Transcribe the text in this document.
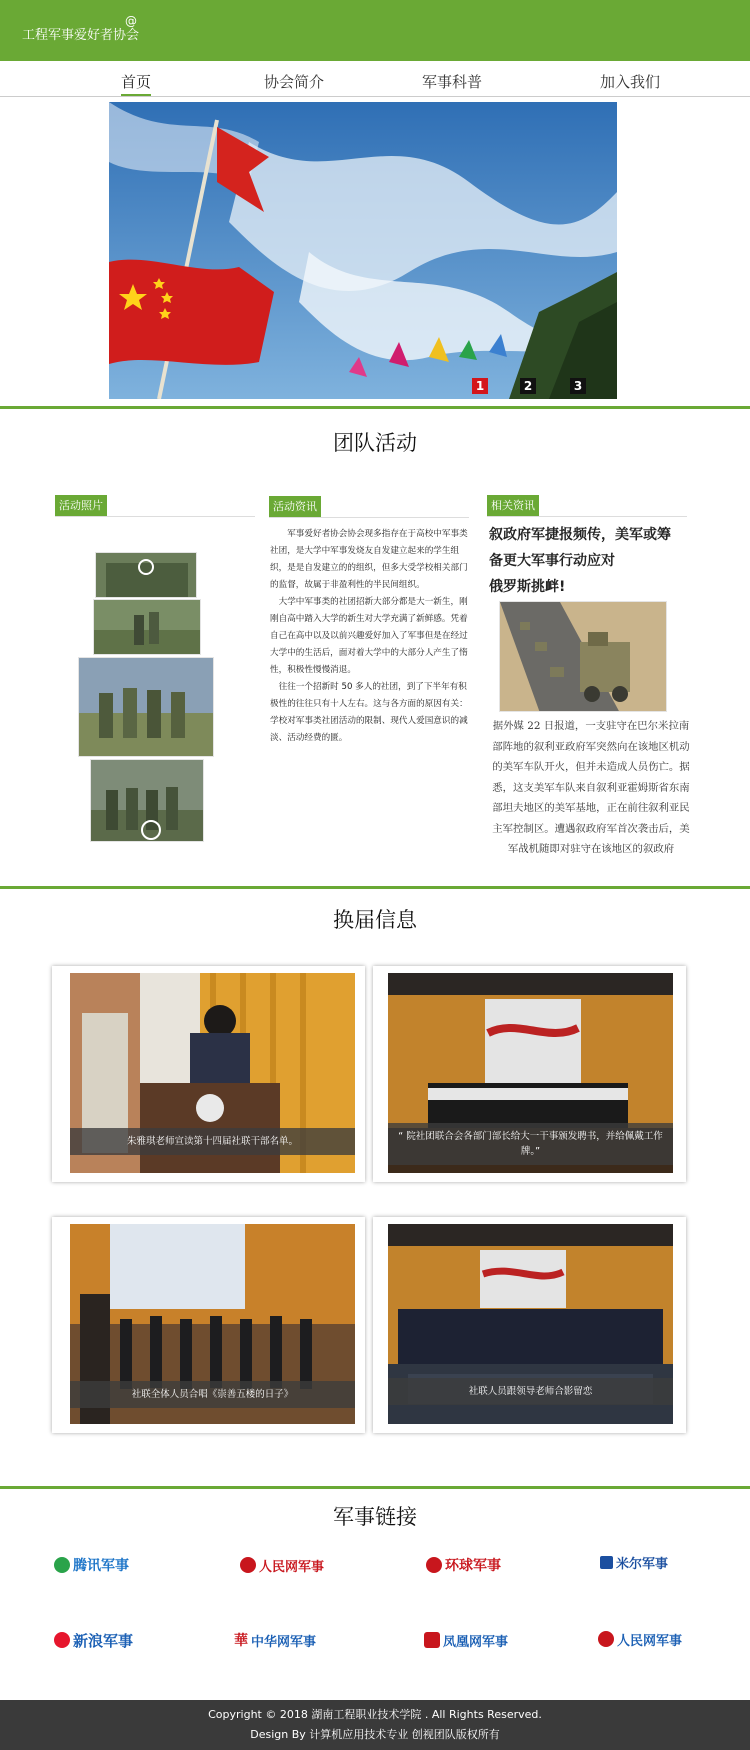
工程军事爱好者协会
@
首页	协会简介	军事科普	加入我们
1	2	3
团队活动
活动照片	活动资讯	相关资讯

军事爱好者协会协会现多指存在于高校中军事类社团，是大学中军事发烧友自发建立起来的学生组织，是是自发建立的的组织，但多大受学校相关部门的监督，故属于非盈利性的半民间组织。

大学中军事类的社团招新大部分都是大一新生，刚刚自高中踏入大学的新生对大学充满了新鲜感。凭着自己在高中以及以前兴趣爱好加入了军事但是在经过大学中的生活后，面对着大学中的大部分人产生了惰性，积极性慢慢消退。

往往一个招新时 50 多人的社团，到了下半年有积极性的往往只有十人左右。这与各方面的原因有关：学校对军事类社团活动的限制、现代人爱国意识的减淡、活动经费的匮。

叙政府军捷报频传，美军或筹
备更大军事行动应对
俄罗斯挑衅!
据外媒 22 日报道，一支驻守在巴尔米拉南部阵地的叙利亚政府军突然向在该地区机动的美军车队开火，但并未造成人员伤亡。据悉，这支美军车队来自叙利亚霍姆斯省东南部坦夫地区的美军基地，正在前往叙利亚民主军控制区。遭遇叙政府军首次袭击后，美军战机随即对驻守在该地区的叙政府
换届信息
朱雅琪老师宣读第十四届社联干部名单。	“ 院社团联合会各部门部长给大一干事颁发聘书，并给佩戴工作牌。”
社联全体人员合唱《崇善五楼的日子》	社联人员跟领导老师合影留恋
军事链接
腾讯军事	人民网军事	环球军事	米尔军事
新浪军事	華 中华网军事	凤凰网军事	人民网军事
Copyright © 2018 湖南工程职业技术学院 . All Rights Reserved.
Design By 计算机应用技术专业 创视团队版权所有
